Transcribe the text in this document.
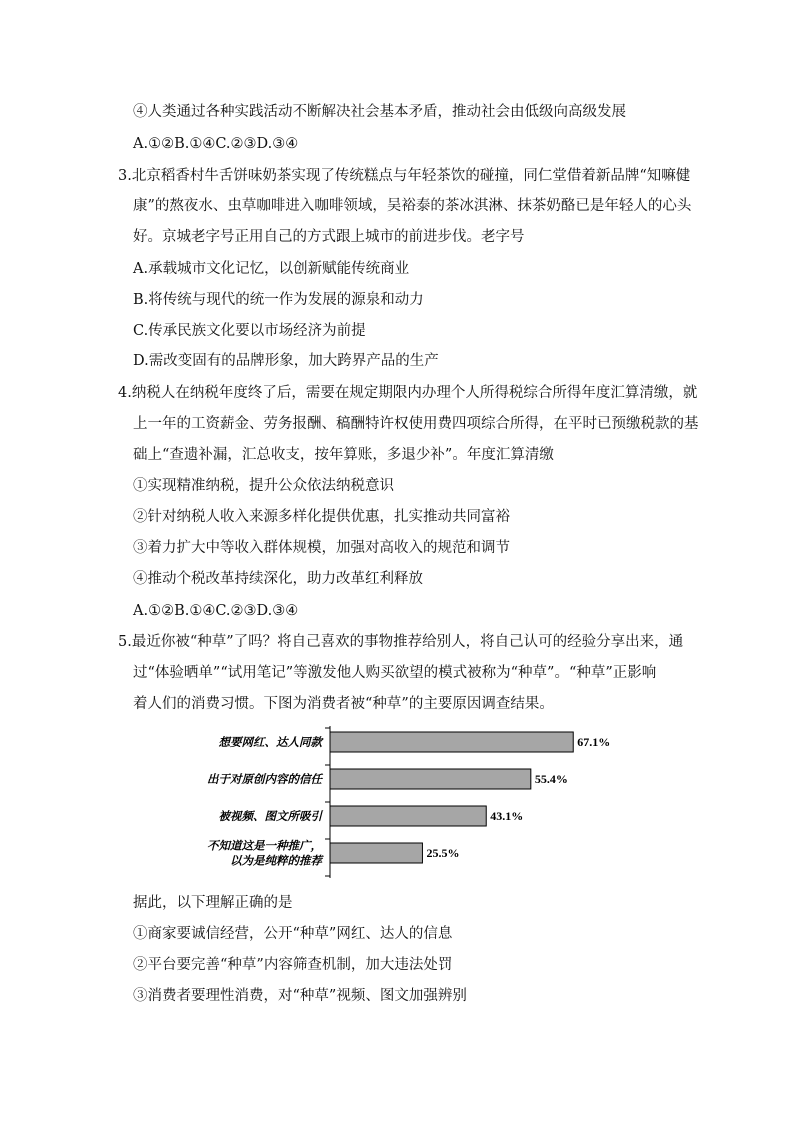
④人类通过各种实践活动不断解决社会基本矛盾，推动社会由低级向高级发展
A.①②B.①④C.②③D.③④
3.北京稻香村牛舌饼味奶茶实现了传统糕点与年轻茶饮的碰撞，同仁堂借着新品牌“知嘛健
康”的熬夜水、虫草咖啡进入咖啡领域，吴裕泰的茶冰淇淋、抹茶奶酪已是年轻人的心头
好。京城老字号正用自己的方式跟上城市的前进步伐。老字号
A.承载城市文化记忆，以创新赋能传统商业
B.将传统与现代的统一作为发展的源泉和动力
C.传承民族文化要以市场经济为前提
D.需改变固有的品牌形象，加大跨界产品的生产
4.纳税人在纳税年度终了后，需要在规定期限内办理个人所得税综合所得年度汇算清缴，就
上一年的工资薪金、劳务报酬、稿酬特许权使用费四项综合所得，在平时已预缴税款的基
础上“查遗补漏，汇总收支，按年算账，多退少补”。年度汇算清缴
①实现精准纳税，提升公众依法纳税意识
②针对纳税人收入来源多样化提供优惠，扎实推动共同富裕
③着力扩大中等收入群体规模，加强对高收入的规范和调节
④推动个税改革持续深化，助力改革红利释放
A.①②B.①④C.②③D.③④
5.最近你被“种草”了吗？将自己喜欢的事物推荐给别人，将自己认可的经验分享出来，通
过“体验晒单”“试用笔记”等激发他人购买欲望的模式被称为“种草”。“种草”正影响
着人们的消费习惯。下图为消费者被“种草”的主要原因调查结果。
想要网红、达人同款
出于对原创内容的信任
被视频、图文所吸引
不知道这是一种推广，以为是纯粹的推荐
67.1%
55.4%
43.1%
25.5%
据此，以下理解正确的是
①商家要诚信经营，公开“种草”网红、达人的信息
②平台要完善“种草”内容筛查机制，加大违法处罚
③消费者要理性消费，对“种草”视频、图文加强辨别
